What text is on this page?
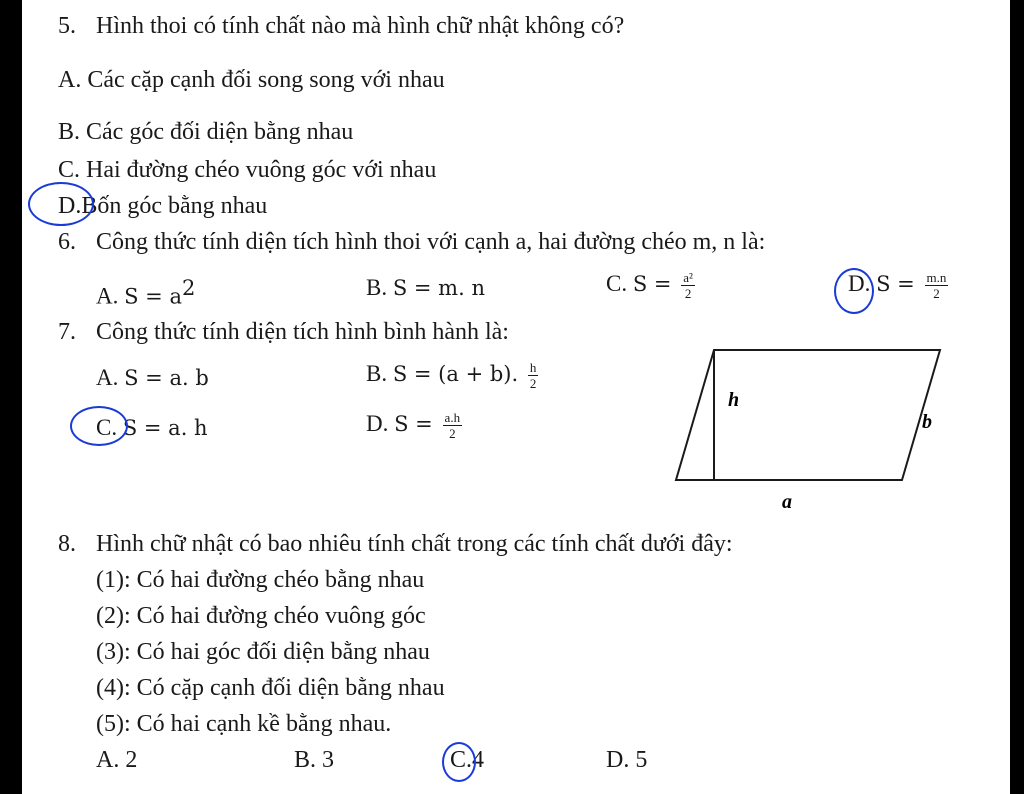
5. Hình thoi có tính chất nào mà hình chữ nhật không có?
A. Các cặp cạnh đối song song với nhau
B. Các góc đối diện bằng nhau
C. Hai đường chéo vuông góc với nhau
D.Bốn góc bằng nhau
6. Công thức tính diện tích hình thoi với cạnh a, hai đường chéo m, n là:
A. $S = a^2$	B. S = m. n	C. $S = \frac{\text{a²}}{2}$	D. $S = \frac{m.n}{2}$
7. Công thức tính diện tích hình bình hành là:
A. S = a. b	B. S = (a + b). $\frac{h}{2}$
C. S = a. h	D. $S = \frac{a.h}{2}$
h
b
a
8. Hình chữ nhật có bao nhiêu tính chất trong các tính chất dưới đây:
(1): Có hai đường chéo bằng nhau
(2): Có hai đường chéo vuông góc
(3): Có hai góc đối diện bằng nhau
(4): Có cặp cạnh đối diện bằng nhau
(5): Có hai cạnh kề bằng nhau.
A. 2	B. 3	C.4	D. 5
